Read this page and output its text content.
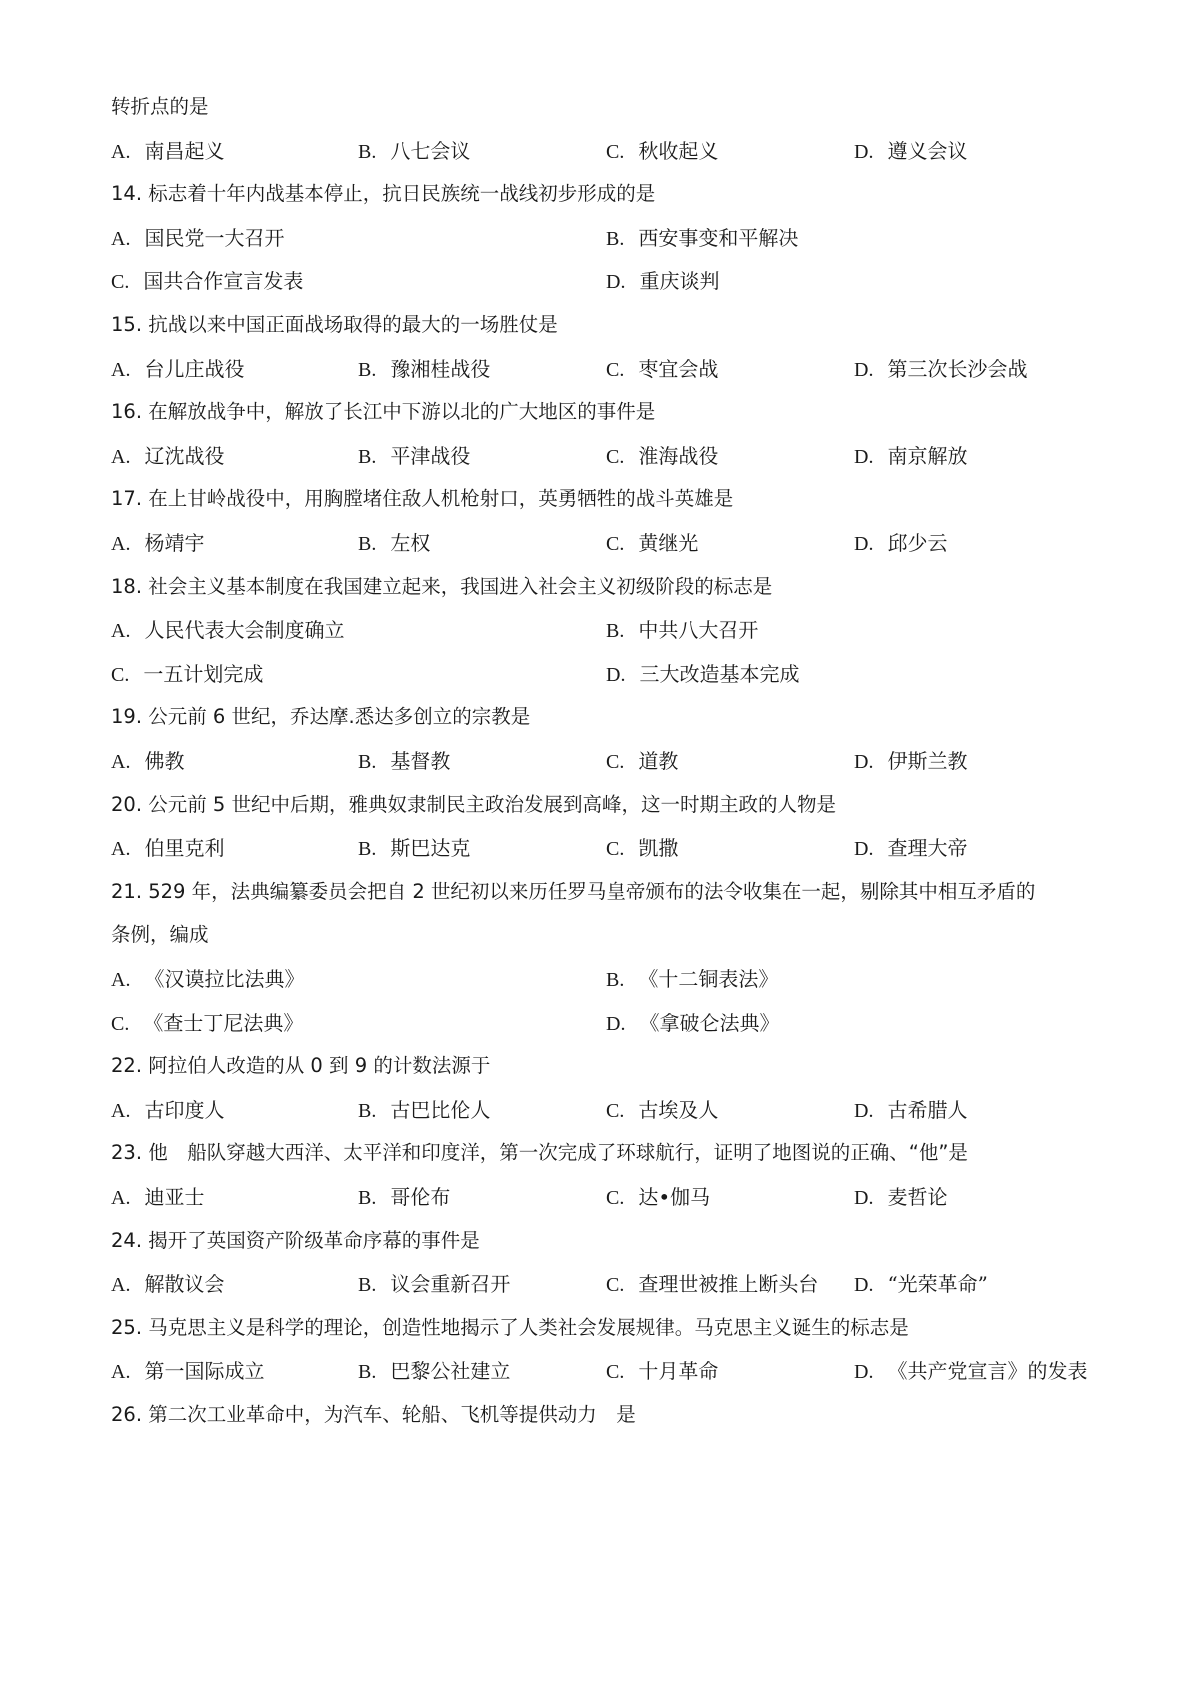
转折点的是
A. 南昌起义	B. 八七会议	C. 秋收起义	D. 遵义会议
14. 标志着十年内战基本停止，抗日民族统一战线初步形成的是
A. 国民党一大召开	B. 西安事变和平解决
C. 国共合作宣言发表	D. 重庆谈判
15. 抗战以来中国正面战场取得的最大的一场胜仗是
A. 台儿庄战役	B. 豫湘桂战役	C. 枣宜会战	D. 第三次长沙会战
16. 在解放战争中，解放了长江中下游以北的广大地区的事件是
A. 辽沈战役	B. 平津战役	C. 淮海战役	D. 南京解放
17. 在上甘岭战役中，用胸膛堵住敌人机枪射口，英勇牺牲的战斗英雄是
A. 杨靖宇	B. 左权	C. 黄继光	D. 邱少云
18. 社会主义基本制度在我国建立起来，我国进入社会主义初级阶段的标志是
A. 人民代表大会制度确立	B. 中共八大召开
C. 一五计划完成	D. 三大改造基本完成
19. 公元前 6 世纪，乔达摩.悉达多创立的宗教是
A. 佛教	B. 基督教	C. 道教	D. 伊斯兰教
20. 公元前 5 世纪中后期，雅典奴隶制民主政治发展到高峰，这一时期主政的人物是
A. 伯里克利	B. 斯巴达克	C. 凯撒	D. 查理大帝
21. 529 年，法典编纂委员会把自 2 世纪初以来历任罗马皇帝颁布的法令收集在一起，剔除其中相互矛盾的
条例，编成
A. 《汉谟拉比法典》	B. 《十二铜表法》
C. 《查士丁尼法典》	D. 《拿破仑法典》
22. 阿拉伯人改造的从 0 到 9 的计数法源于
A. 古印度人	B. 古巴比伦人	C. 古埃及人	D. 古希腊人
23. 他　船队穿越大西洋、太平洋和印度洋，第一次完成了环球航行，证明了地图说的正确、“他”是
A. 迪亚士	B. 哥伦布	C. 达•伽马	D. 麦哲论
24. 揭开了英国资产阶级革命序幕的事件是
A. 解散议会	B. 议会重新召开	C. 查理世被推上断头台 D. “光荣革命”
25. 马克思主义是科学的理论，创造性地揭示了人类社会发展规律。马克思主义诞生的标志是
A. 第一国际成立	B. 巴黎公社建立	C. 十月革命	D. 《共产党宣言》的发表
26. 第二次工业革命中，为汽车、轮船、飞机等提供动力　是
